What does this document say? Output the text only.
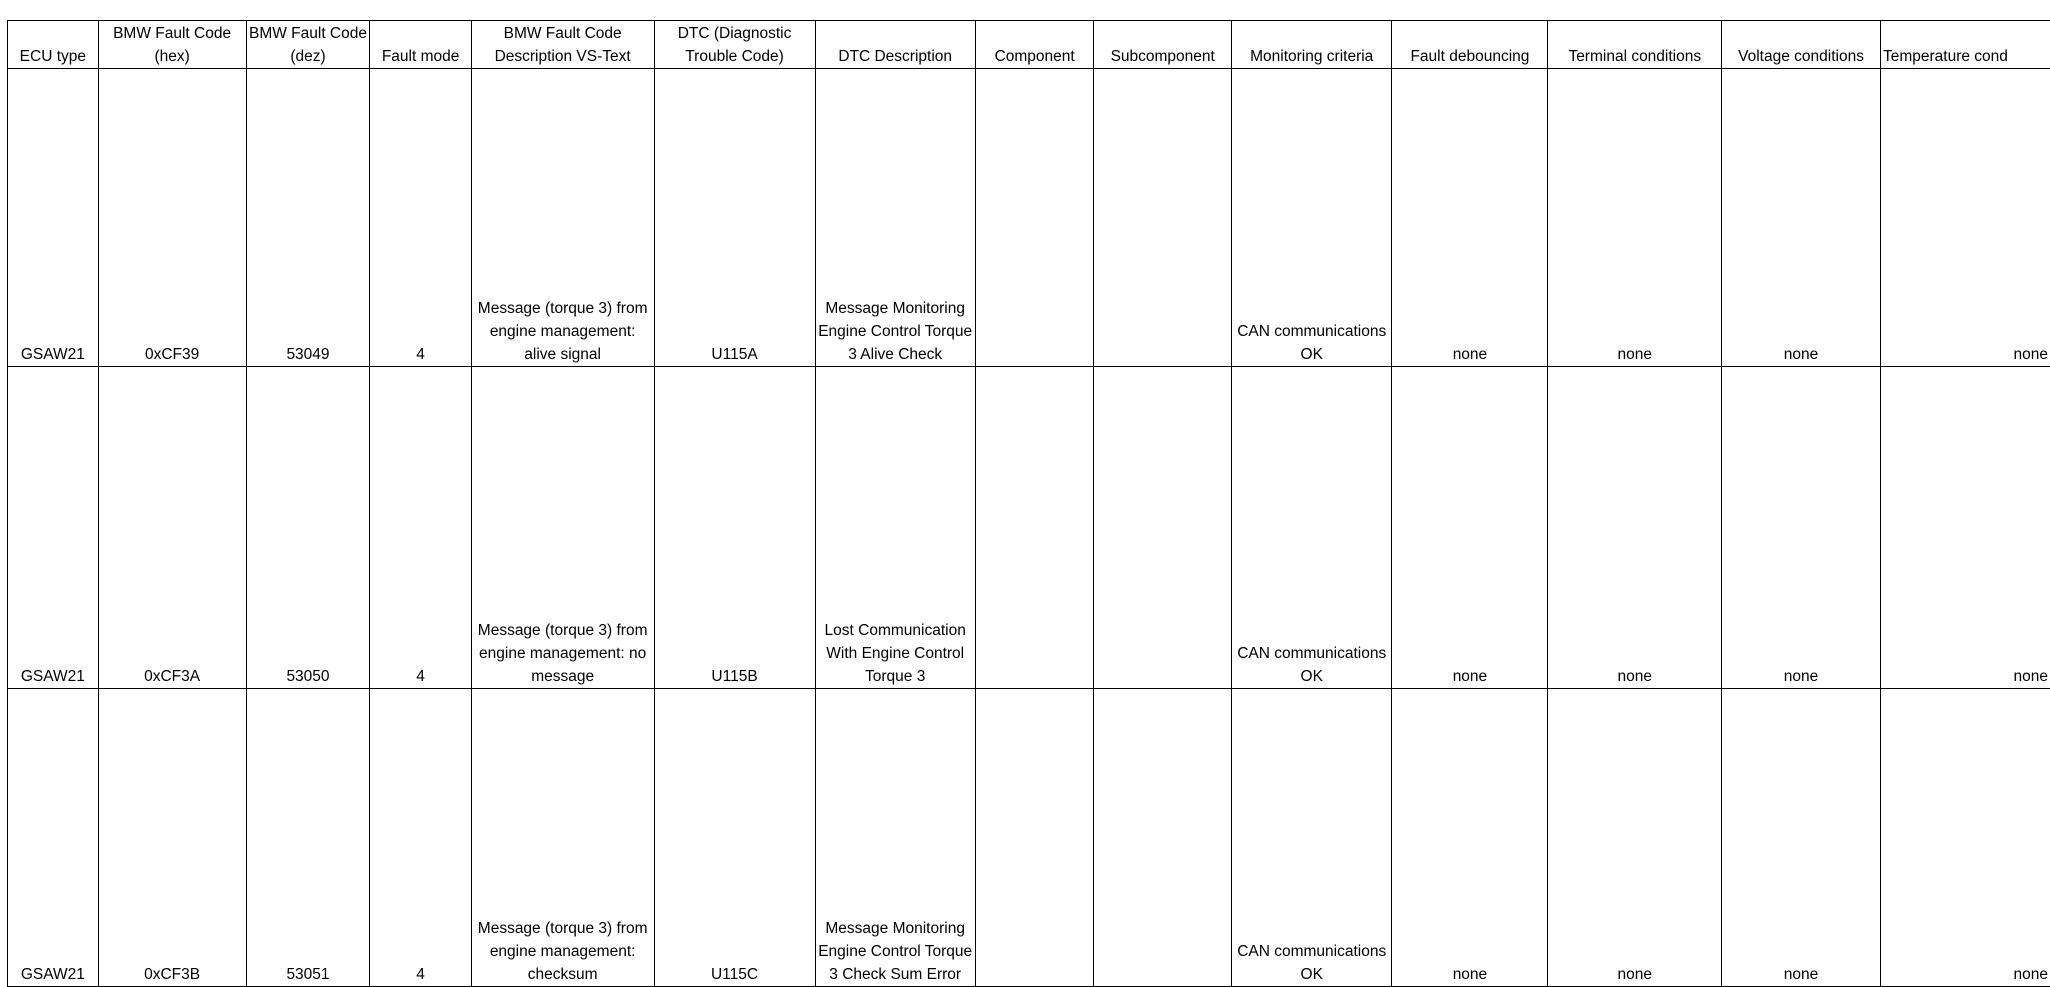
ECU type	BMW Fault Code (hex)	BMW Fault Code (dez)	Fault mode	BMW Fault Code Description VS-Text	DTC (Diagnostic Trouble Code)	DTC Description	Component	Subcomponent	Monitoring criteria	Fault debouncing	Terminal conditions	Voltage conditions	Temperature cond
GSAW21	0xCF39	53049	4	Message (torque 3) from engine management: alive signal	U115A	Message Monitoring Engine Control Torque 3 Alive Check			CAN communications OK	none	none	none	none
GSAW21	0xCF3A	53050	4	Message (torque 3) from engine management: no message	U115B	Lost Communication With Engine Control Torque 3			CAN communications OK	none	none	none	none
GSAW21	0xCF3B	53051	4	Message (torque 3) from engine management: checksum	U115C	Message Monitoring Engine Control Torque 3 Check Sum Error			CAN communications OK	none	none	none	none
